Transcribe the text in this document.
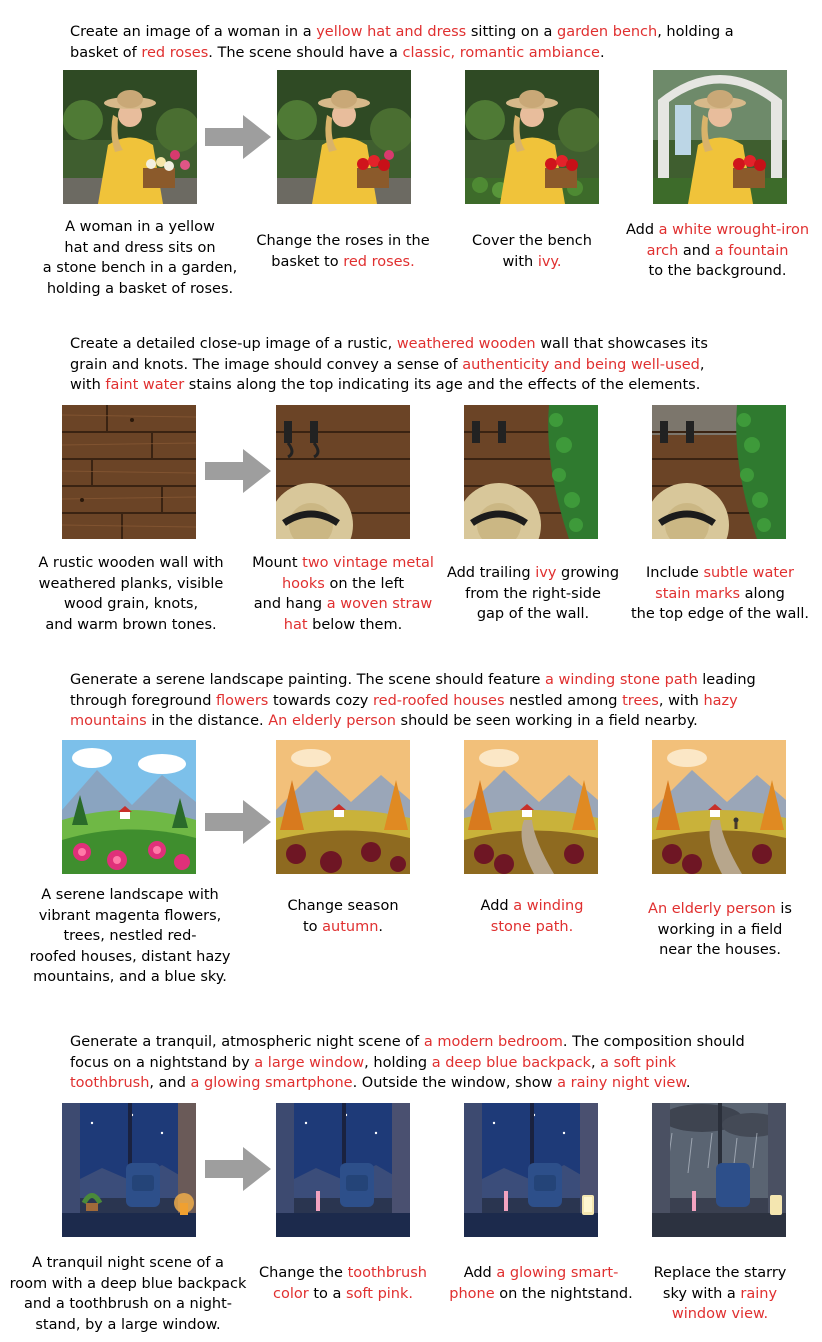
Create an image of a woman in a yellow hat and dress sitting on a garden bench, holding a
basket of red roses. The scene should have a classic, romantic ambiance.
A woman in a yellow
hat and dress sits on
a stone bench in a garden,
holding a basket of roses.
Change the roses in the
basket to red roses.
Cover the bench
with ivy.
Add a white wrought-iron
arch and a fountain
to the background.
Create a detailed close-up image of a rustic, weathered wooden wall that showcases its
grain and knots. The image should convey a sense of authenticity and being well-used,
with faint water stains along the top indicating its age and the effects of the elements.
A rustic wooden wall with
weathered planks, visible
wood grain, knots,
and warm brown tones.
Mount two vintage metal
hooks on the left
and hang a woven straw
hat below them.
Add trailing ivy growing
from the right-side
gap of the wall.
Include subtle water
stain marks along
the top edge of the wall.
Generate a serene landscape painting. The scene should feature a winding stone path leading
through foreground flowers towards cozy red-roofed houses nestled among trees, with hazy
mountains in the distance. An elderly person should be seen working in a field nearby.
A serene landscape with
vibrant magenta flowers,
trees, nestled red-
roofed houses, distant hazy
mountains, and a blue sky.
Change season
to autumn.
Add a winding
stone path.
An elderly person is
working in a field
near the houses.
Generate a tranquil, atmospheric night scene of a modern bedroom. The composition should
focus on a nightstand by a large window, holding a deep blue backpack, a soft pink
toothbrush, and a glowing smartphone. Outside the window, show a rainy night view.
A tranquil night scene of a
room with a deep blue backpack
and a toothbrush on a night-
stand, by a large window.
Change the toothbrush
color to a soft pink.
Add a glowing smart-
phone on the nightstand.
Replace the starry
sky with a rainy
window view.
